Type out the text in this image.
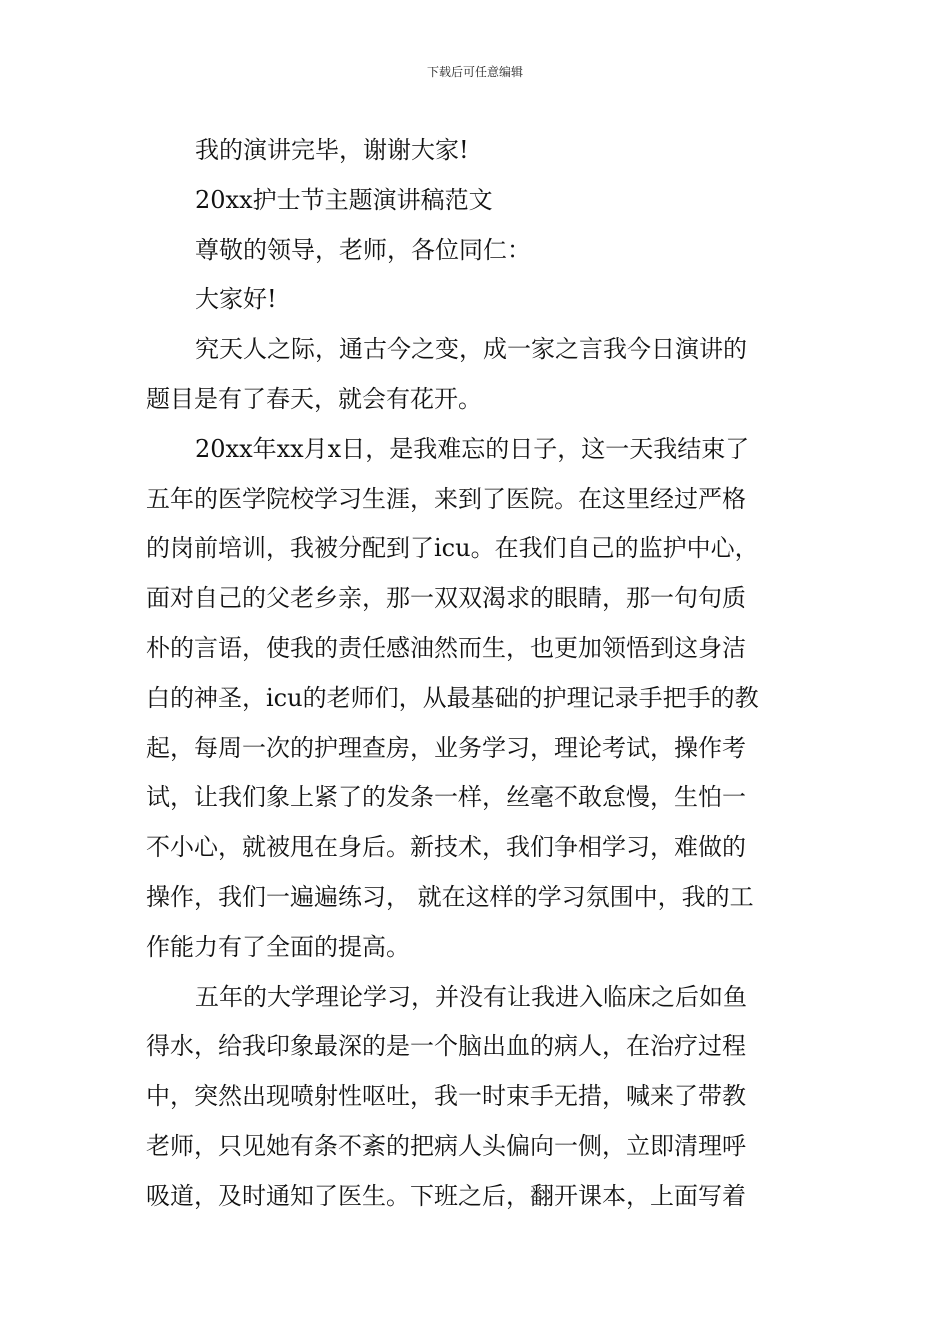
下载后可任意编辑
我的演讲完毕，谢谢大家!
20xx护士节主题演讲稿范文
尊敬的领导，老师，各位同仁：
大家好!
究天人之际，通古今之变，成一家之言我今日演讲的
题目是有了春天，就会有花开。
20xx年xx月x日，是我难忘的日子，这一天我结束了
五年的医学院校学习生涯，来到了医院。在这里经过严格
的岗前培训，我被分配到了icu。在我们自己的监护中心，
面对自己的父老乡亲，那一双双渴求的眼睛，那一句句质
朴的言语，使我的责任感油然而生，也更加领悟到这身洁
白的神圣，icu的老师们，从最基础的护理记录手把手的教
起，每周一次的护理查房，业务学习，理论考试，操作考
试，让我们象上紧了的发条一样，丝毫不敢怠慢，生怕一
不小心，就被甩在身后。新技术，我们争相学习，难做的
操作，我们一遍遍练习， 就在这样的学习氛围中，我的工
作能力有了全面的提高。
五年的大学理论学习，并没有让我进入临床之后如鱼
得水，给我印象最深的是一个脑出血的病人，在治疗过程
中，突然出现喷射性呕吐，我一时束手无措，喊来了带教
老师，只见她有条不紊的把病人头偏向一侧，立即清理呼
吸道，及时通知了医生。下班之后，翻开课本，上面写着
